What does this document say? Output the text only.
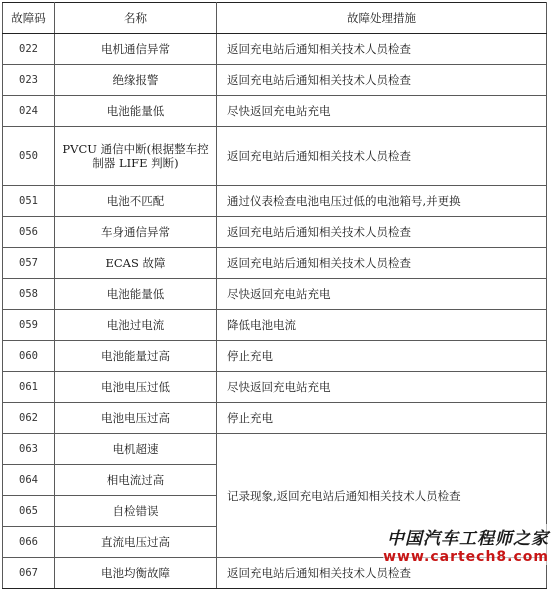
故障码	名称	故障处理措施
022	电机通信异常	返回充电站后通知相关技术人员检查
023	绝缘报警	返回充电站后通知相关技术人员检查
024	电池能量低	尽快返回充电站充电
050	PVCU 通信中断(根据整车控制器 LIFE 判断)	返回充电站后通知相关技术人员检查
051	电池不匹配	通过仪表检查电池电压过低的电池箱号,并更换
056	车身通信异常	返回充电站后通知相关技术人员检查
057	ECAS 故障	返回充电站后通知相关技术人员检查
058	电池能量低	尽快返回充电站充电
059	电池过电流	降低电池电流
060	电池能量过高	停止充电
061	电池电压过低	尽快返回充电站充电
062	电池电压过高	停止充电
063	电机超速	记录现象,返回充电站后通知相关技术人员检查
064	相电流过高	
065	自检错误	
066	直流电压过高	
067	电池均衡故障	返回充电站后通知相关技术人员检查
中国汽车工程师之家
www.cartech8.com
